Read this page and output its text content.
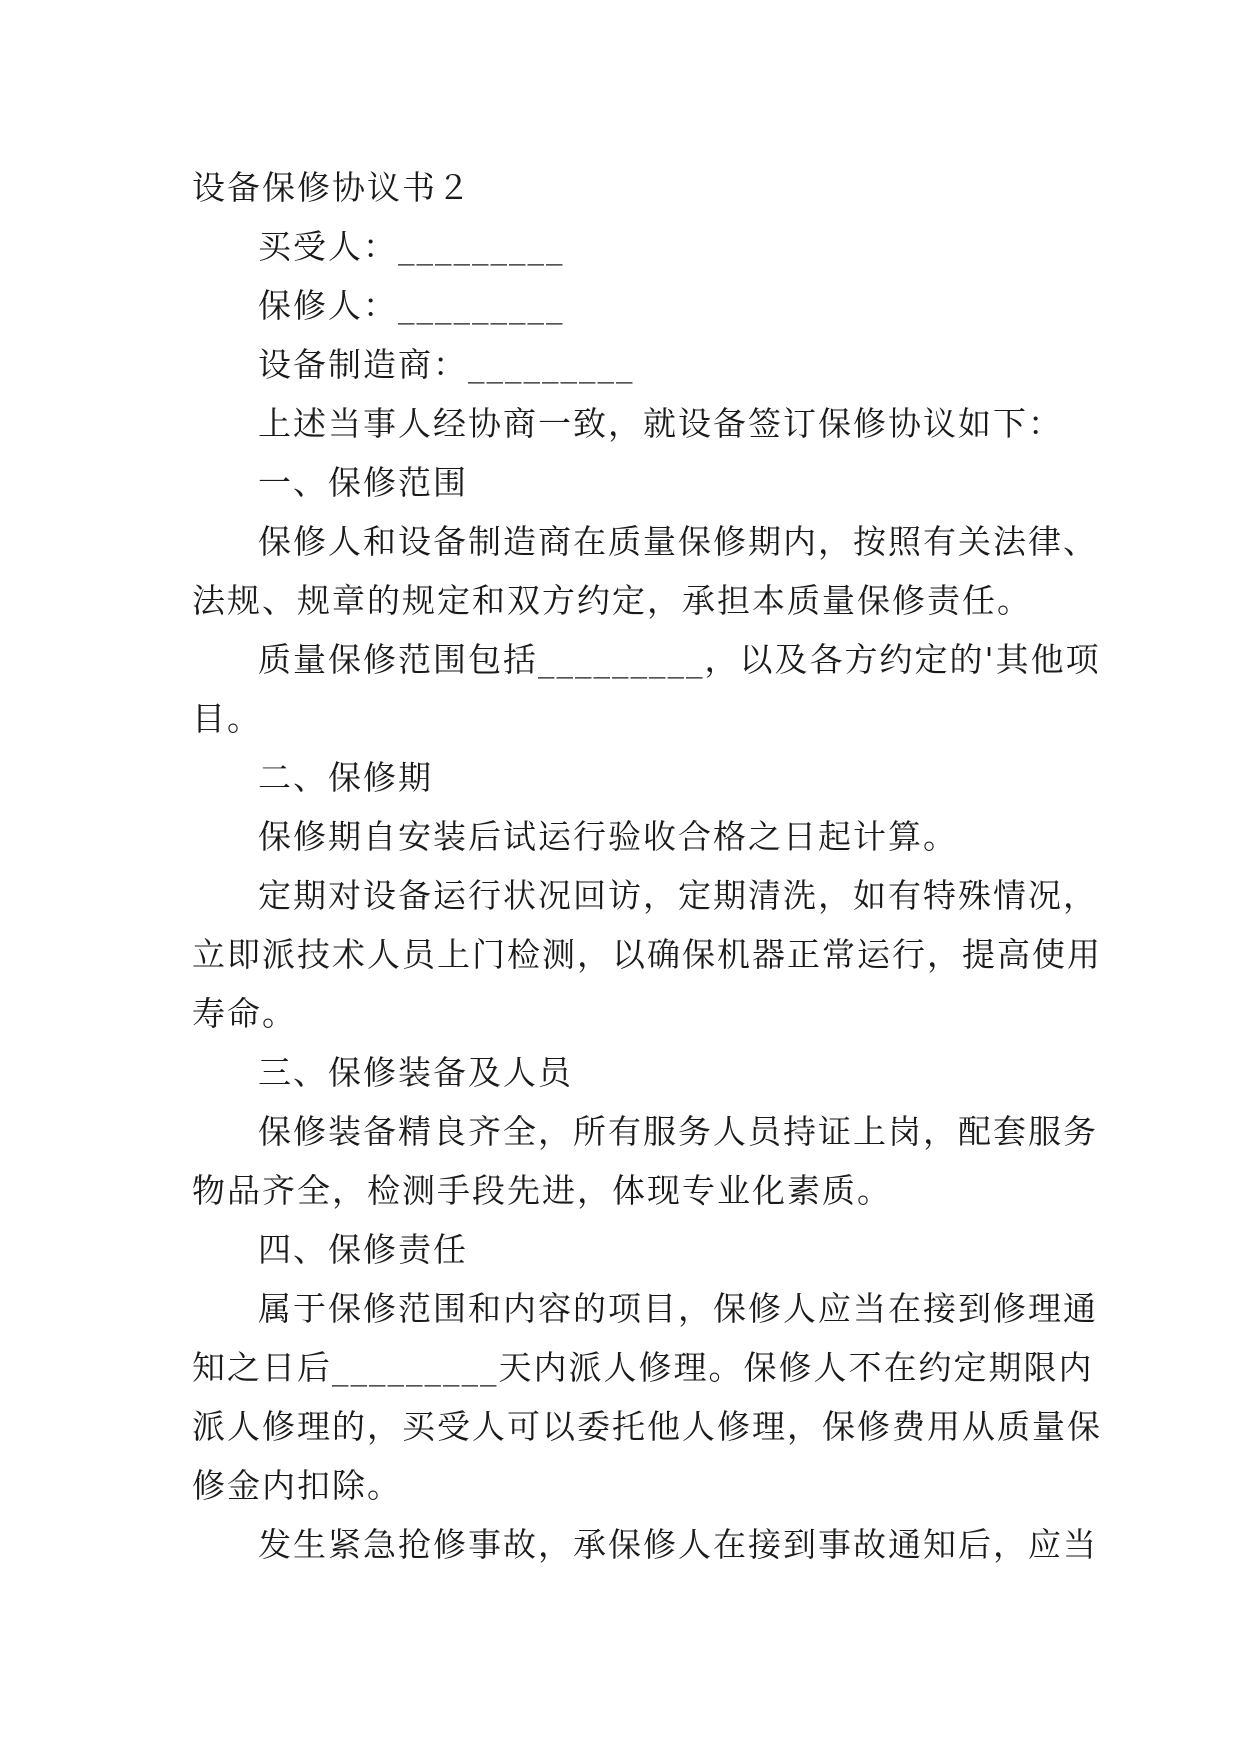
设备保修协议书２
买受人：_________
保修人：_________
设备制造商：_________
上述当事人经协商一致，就设备签订保修协议如下：
一、保修范围
保修人和设备制造商在质量保修期内，按照有关法律、
法规、规章的规定和双方约定，承担本质量保修责任。
质量保修范围包括_________，以及各方约定的'其他项
目。
二、保修期
保修期自安装后试运行验收合格之日起计算。
定期对设备运行状况回访，定期清洗，如有特殊情况，
立即派技术人员上门检测，以确保机器正常运行，提高使用
寿命。
三、保修装备及人员
保修装备精良齐全，所有服务人员持证上岗，配套服务
物品齐全，检测手段先进，体现专业化素质。
四、保修责任
属于保修范围和内容的项目，保修人应当在接到修理通
知之日后_________天内派人修理。保修人不在约定期限内
派人修理的，买受人可以委托他人修理，保修费用从质量保
修金内扣除。
发生紧急抢修事故，承保修人在接到事故通知后，应当
